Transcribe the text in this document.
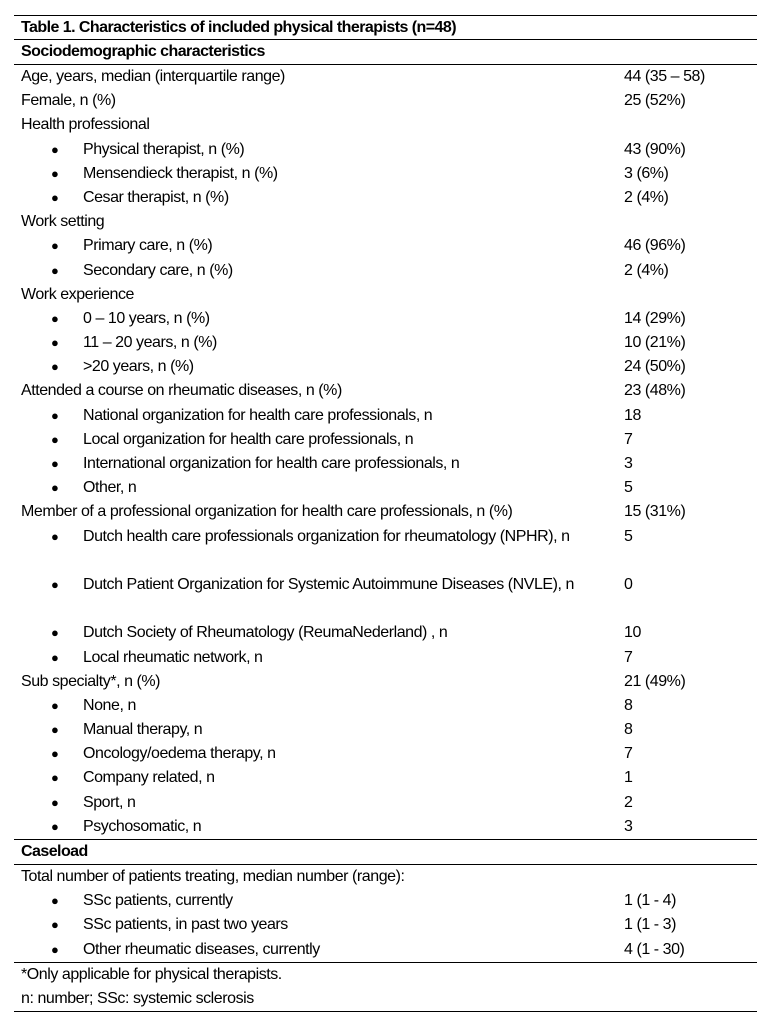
Table 1. Characteristics of included physical therapists (n=48)
Sociodemographic characteristics
Age, years, median (interquartile range)	44 (35 – 58)
Female, n (%)	25 (52%)
Health professional
● Physical therapist, n (%)	43 (90%)
● Mensendieck therapist, n (%)	3 (6%)
● Cesar therapist, n (%)	2 (4%)
Work setting
● Primary care, n (%)	46 (96%)
● Secondary care, n (%)	2 (4%)
Work experience
● 0 – 10 years, n (%)	14 (29%)
● 11 – 20 years, n (%)	10 (21%)
● >20 years, n (%)	24 (50%)
Attended a course on rheumatic diseases, n (%)	23 (48%)
● National organization for health care professionals, n	18
● Local organization for health care professionals, n	7
● International organization for health care professionals, n	3
● Other, n	5
Member of a professional organization for health care professionals, n (%)	15 (31%)
● Dutch health care professionals organization for rheumatology (NPHR), n	5
● Dutch Patient Organization for Systemic Autoimmune Diseases (NVLE), n	0
● Dutch Society of Rheumatology (ReumaNederland) , n	10
● Local rheumatic network, n	7
Sub specialty*, n (%)	21 (49%)
● None, n	8
● Manual therapy, n	8
● Oncology/oedema therapy, n	7
● Company related, n	1
● Sport, n	2
● Psychosomatic, n	3
Caseload
Total number of patients treating, median number (range):
● SSc patients, currently	1 (1 - 4)
● SSc patients, in past two years	1 (1 - 3)
● Other rheumatic diseases, currently	4 (1 - 30)
*Only applicable for physical therapists.
n: number; SSc: systemic sclerosis
